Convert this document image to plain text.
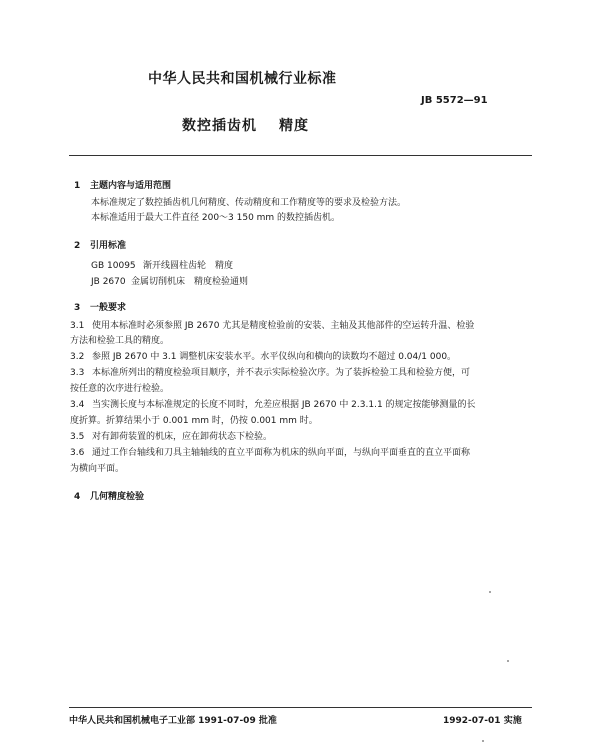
中华人民共和国机械行业标准
JB 5572—91
数控插齿机 精度
1 主题内容与适用范围
本标准规定了数控插齿机几何精度、传动精度和工作精度等的要求及检验方法。
本标准适用于最大工件直径 200～3 150 mm 的数控插齿机。
2 引用标准
GB 10095 渐开线圆柱齿轮　精度
JB 2670 金属切削机床　精度检验通则
3 一般要求
3.1 使用本标准时必须参照 JB 2670 尤其是精度检验前的安装、主轴及其他部件的空运转升温、检验
方法和检验工具的精度。
3.2 参照 JB 2670 中 3.1 调整机床安装水平。水平仪纵向和横向的读数均不超过 0.04/1 000。
3.3 本标准所列出的精度检验项目顺序，并不表示实际检验次序。为了装拆检验工具和检验方便，可
按任意的次序进行检验。
3.4 当实测长度与本标准规定的长度不同时，允差应根据 JB 2670 中 2.3.1.1 的规定按能够测量的长
度折算。折算结果小于 0.001 mm 时，仍按 0.001 mm 时。
3.5 对有卸荷装置的机床，应在卸荷状态下检验。
3.6 通过工作台轴线和刀具主轴轴线的直立平面称为机床的纵向平面，与纵向平面垂直的直立平面称
为横向平面。
4 几何精度检验
中华人民共和国机械电子工业部 1991-07-09 批准	1992-07-01 实施
